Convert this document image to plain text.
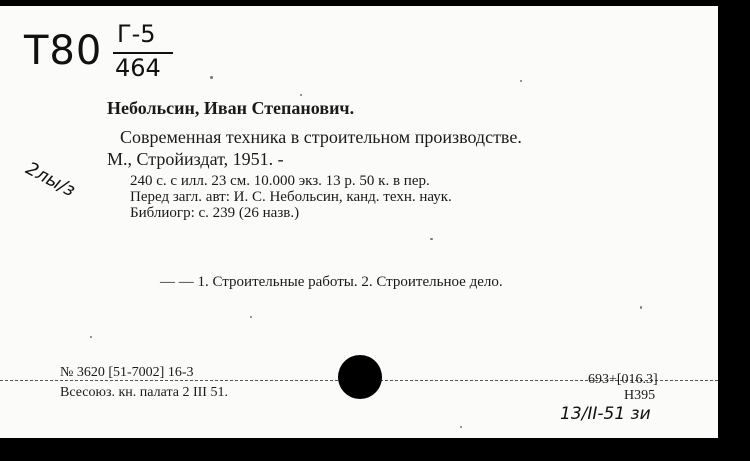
Т80 Г-5
464
2лы/з
Небольсин, Иван Степанович.
Современная техника в строительном производстве.
М., Стройиздат, 1951. -
240 с. с илл. 23 см. 10.000 экз. 13 р. 50 к. в пер.
Перед загл. авт: И. С. Небольсин, канд. техн. наук.
Библиогр: с. 239 (26 назв.)
— — 1. Строительные работы. 2. Строительное дело.
№ 3620 [51-7002] 16-3
Всесоюз. кн. палата 2 III 51.
693+[016.3]
Н395
13/II-51 зи
